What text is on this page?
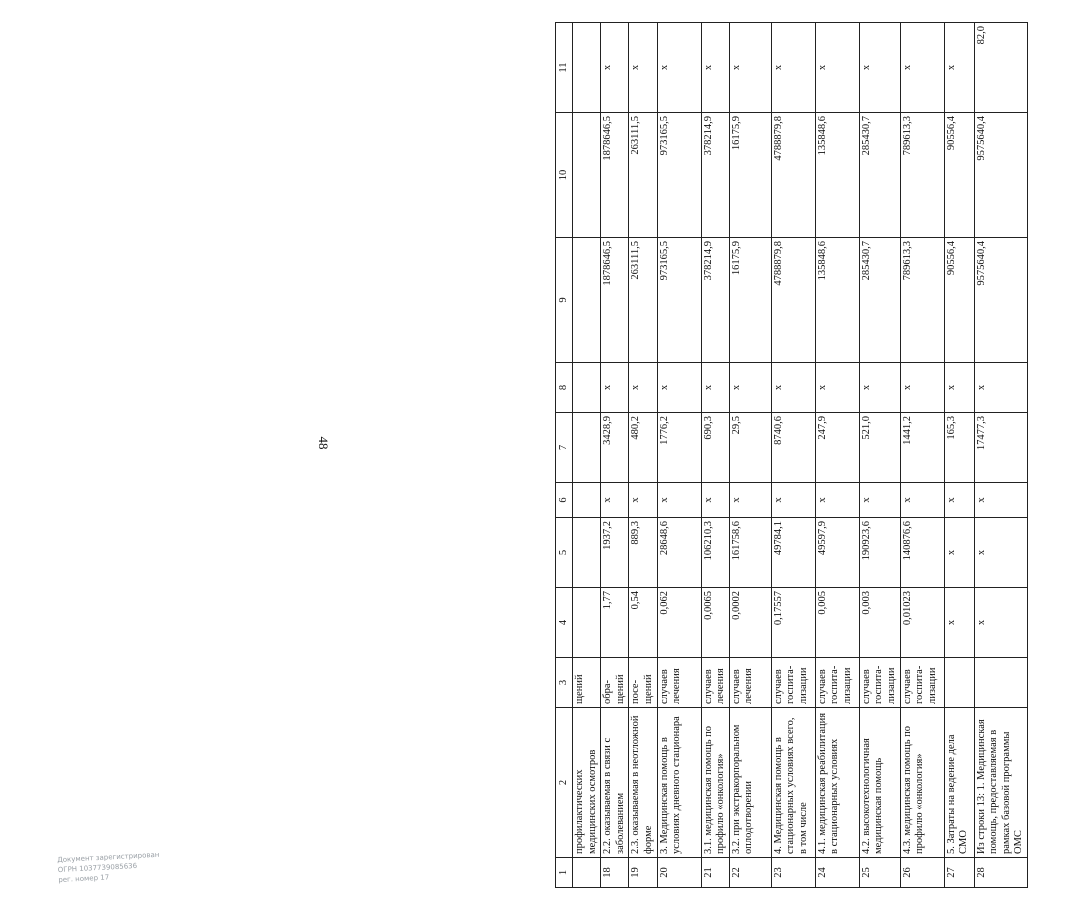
48
1	2	3	4	5	6	7	8	9	10	11
	профилактических медицинских осмотров	щений								
18	2.2. оказываемая в связи с заболеванием	обра-щений	1,77	1937,2	х	3428,9	х	1878646,5	1878646,5	х
19	2.3. оказываемая в неотложной форме	посе-щений	0,54	889,3	х	480,2	х	263111,5	263111,5	х
20	3. Медицинская помощь в условиях дневного стационара	случаев лечения	0,062	28648,6	х	1776,2	х	973165,5	973165,5	х
21	3.1. медицинская помощь по профилю «онкология»	случаев лечения	0,0065	106210,3	х	690,3	х	378214,9	378214,9	х
22	3.2. при экстракорпоральном оплодотворении	случаев лечения	0,0002	161758,6	х	29,5	х	16175,9	16175,9	х
23	4. Медицинская помощь в стационарных условиях всего, в том числе	случаев госпита-лизации	0,17557	49784,1	х	8740,6	х	4788879,8	4788879,8	х
24	4.1. медицинская реабилитация в стационарных условиях	случаев госпита-лизации	0,005	49597,9	х	247,9	х	135848,6	135848,6	х
25	4.2. высокотехнологичная медицинская помощь	случаев госпита-лизации	0,003	190923,6	х	521,0	х	285430,7	285430,7	х
26	4.3. медицинская помощь по профилю «онкология»	случаев госпита-лизации	0,01023	140876,6	х	1441,2	х	789613,3	789613,3	х
27	5. Затраты на ведение дела СМО		х	х	х	165,3	х	90556,4	90556,4	х
28	Из строки 13: 1. Медицинская помощь, предоставляемая в рамках базовой программы ОМС		х	х	х	17477,3	х	9575640,4	9575640,4	82,0
Документ зарегистрирован
ОГРН 1037739085636
рег. номер 17
